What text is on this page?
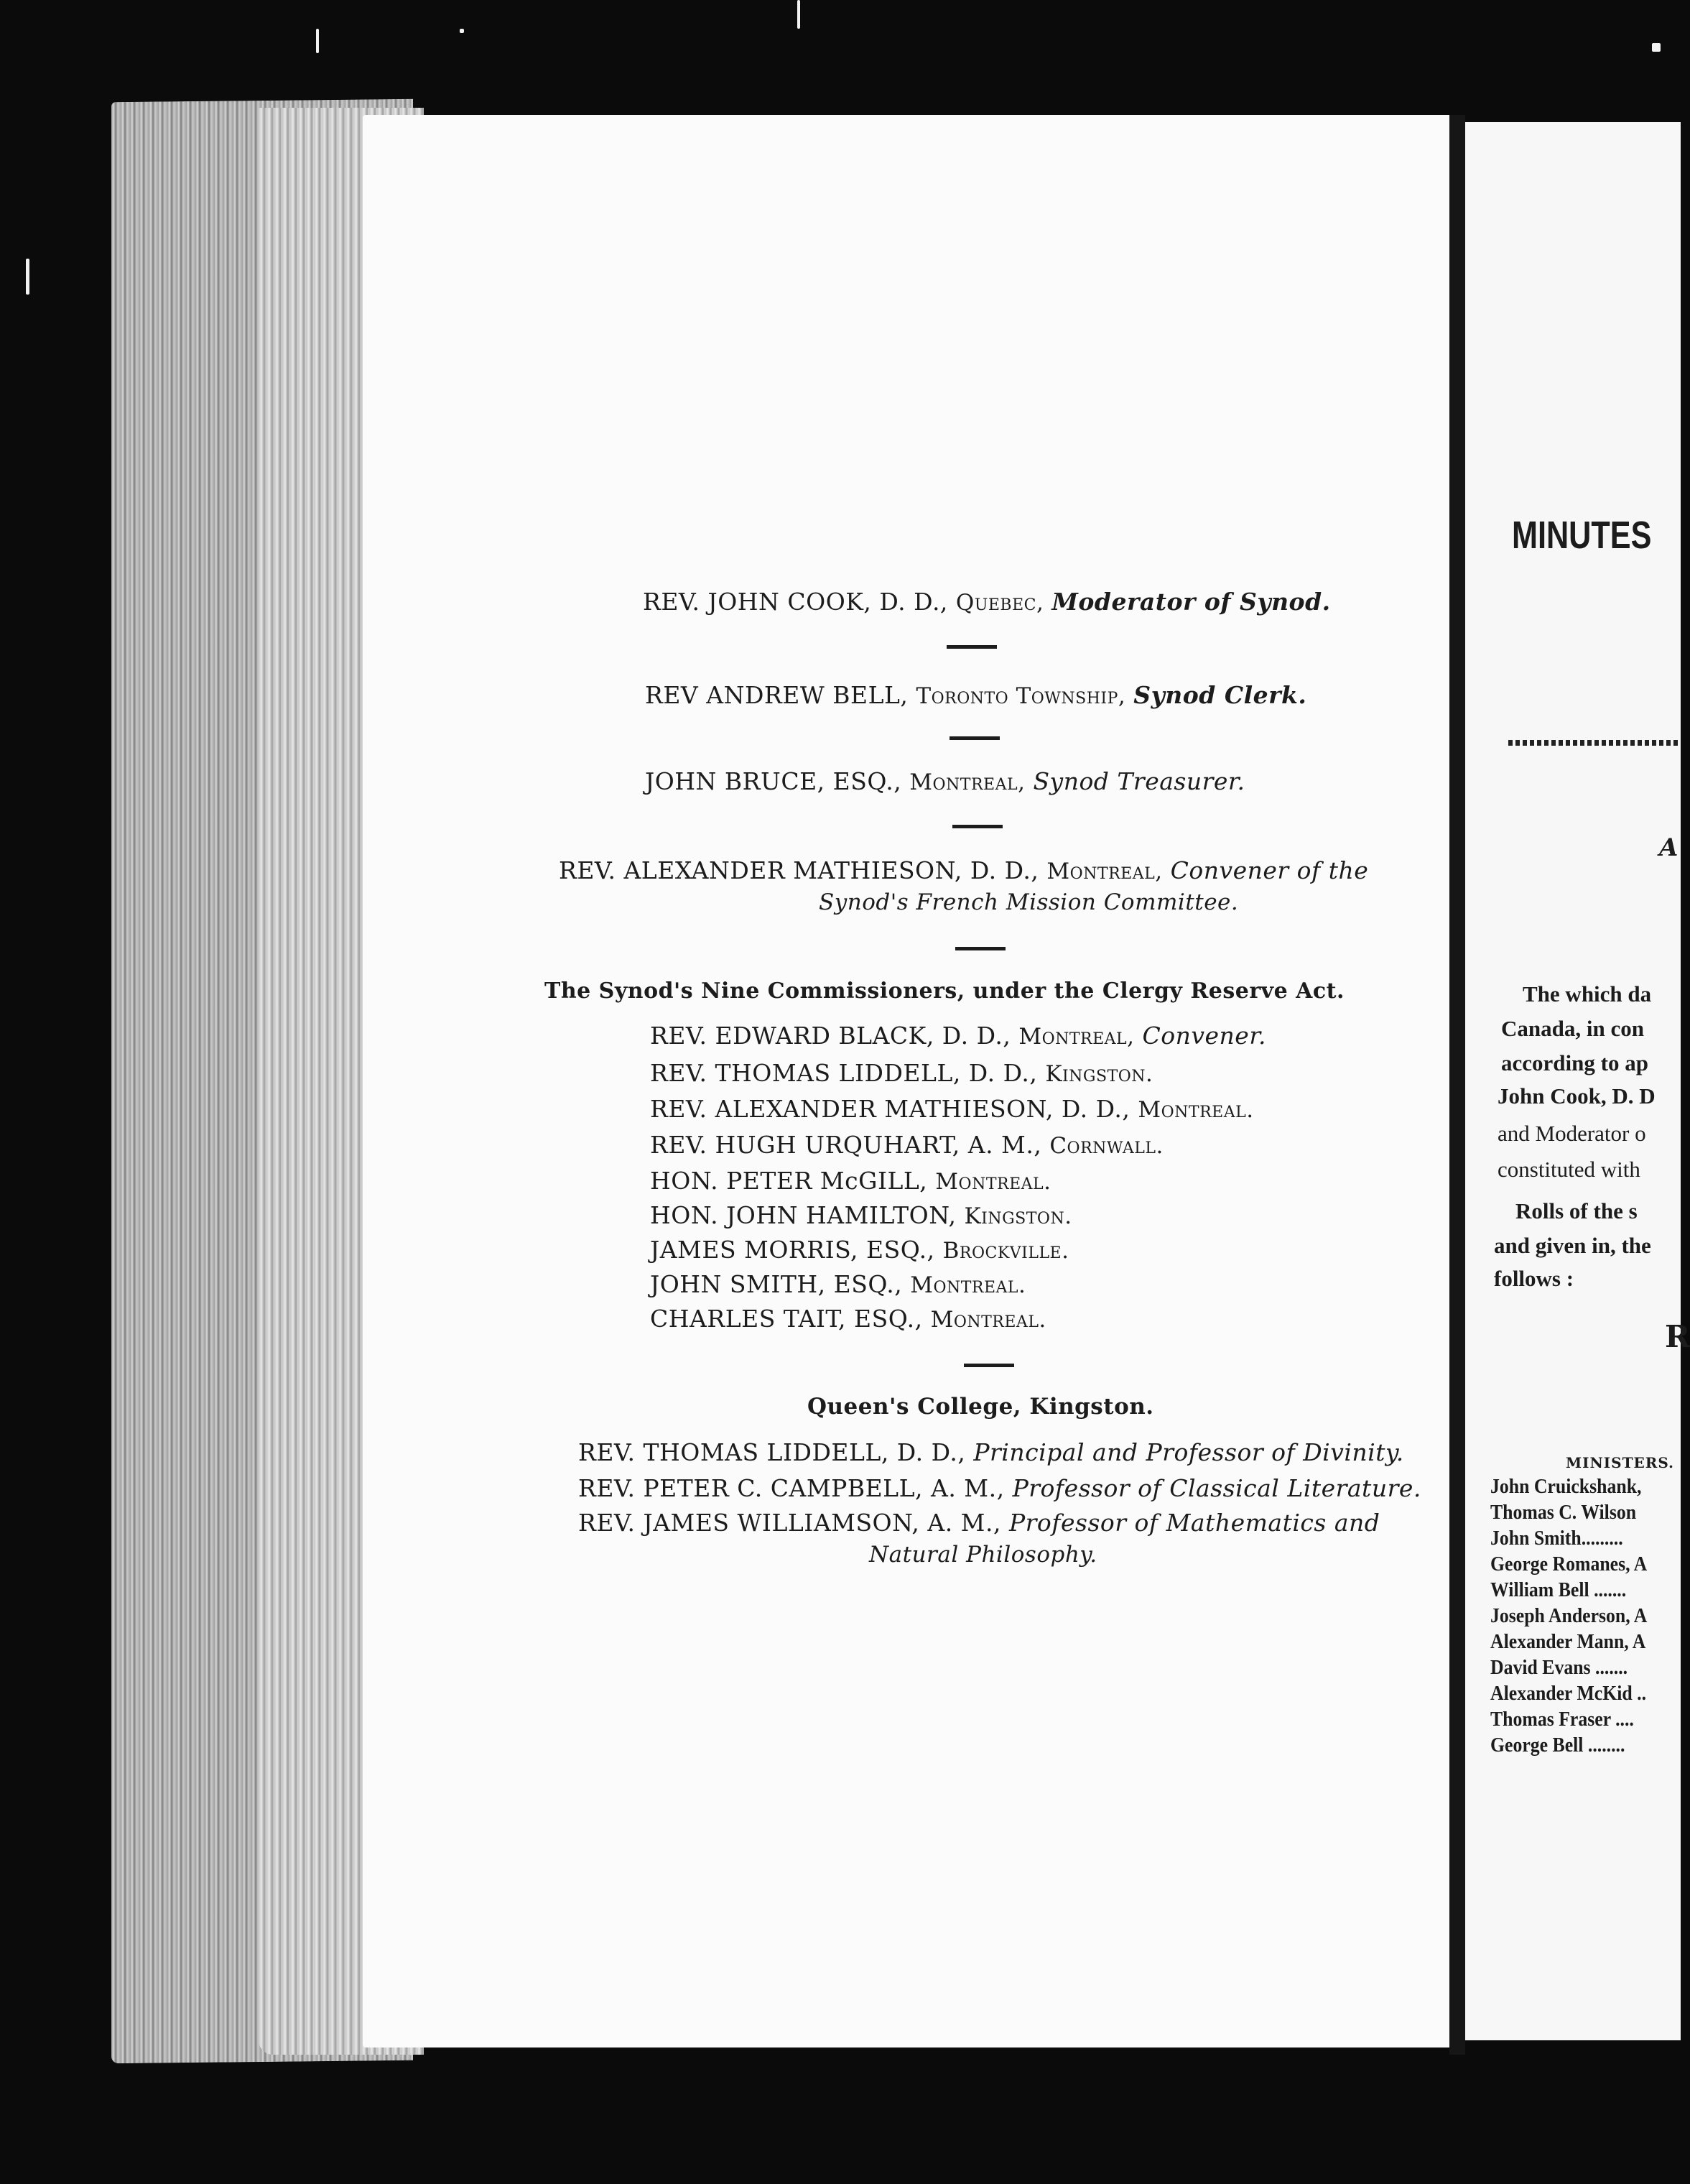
REV. JOHN COOK, D. D., Quebec, Moderator of Synod.
REV ANDREW BELL, Toronto Township, Synod Clerk.
JOHN BRUCE, ESQ., Montreal, Synod Treasurer.
REV. ALEXANDER MATHIESON, D. D., Montreal, Convener of the
Synod's French Mission Committee.
The Synod's Nine Commissioners, under the Clergy Reserve Act.
REV. EDWARD BLACK, D. D., Montreal, Convener.
REV. THOMAS LIDDELL, D. D., Kingston.
REV. ALEXANDER MATHIESON, D. D., Montreal.
REV. HUGH URQUHART, A. M., Cornwall.
HON. PETER McGILL, Montreal.
HON. JOHN HAMILTON, Kingston.
JAMES MORRIS, ESQ., Brockville.
JOHN SMITH, ESQ., Montreal.
CHARLES TAIT, ESQ., Montreal.
Queen's College, Kingston.
REV. THOMAS LIDDELL, D. D., Principal and Professor of Divinity.
REV. PETER C. CAMPBELL, A. M., Professor of Classical Literature.
REV. JAMES WILLIAMSON, A. M., Professor of Mathematics and
Natural Philosophy.
MINUTES
A
The which da
Canada, in con
according to ap
John Cook, D. D
and Moderator o
constituted with
Rolls of the s
and given in, the
follows :
R
MINISTERS.
John Cruickshank,
Thomas C. Wilson
John Smith.........
George Romanes, A
William Bell .......
Joseph Anderson, A
Alexander Mann, A
David Evans .......
Alexander McKid ..
Thomas Fraser ....
George Bell ........
